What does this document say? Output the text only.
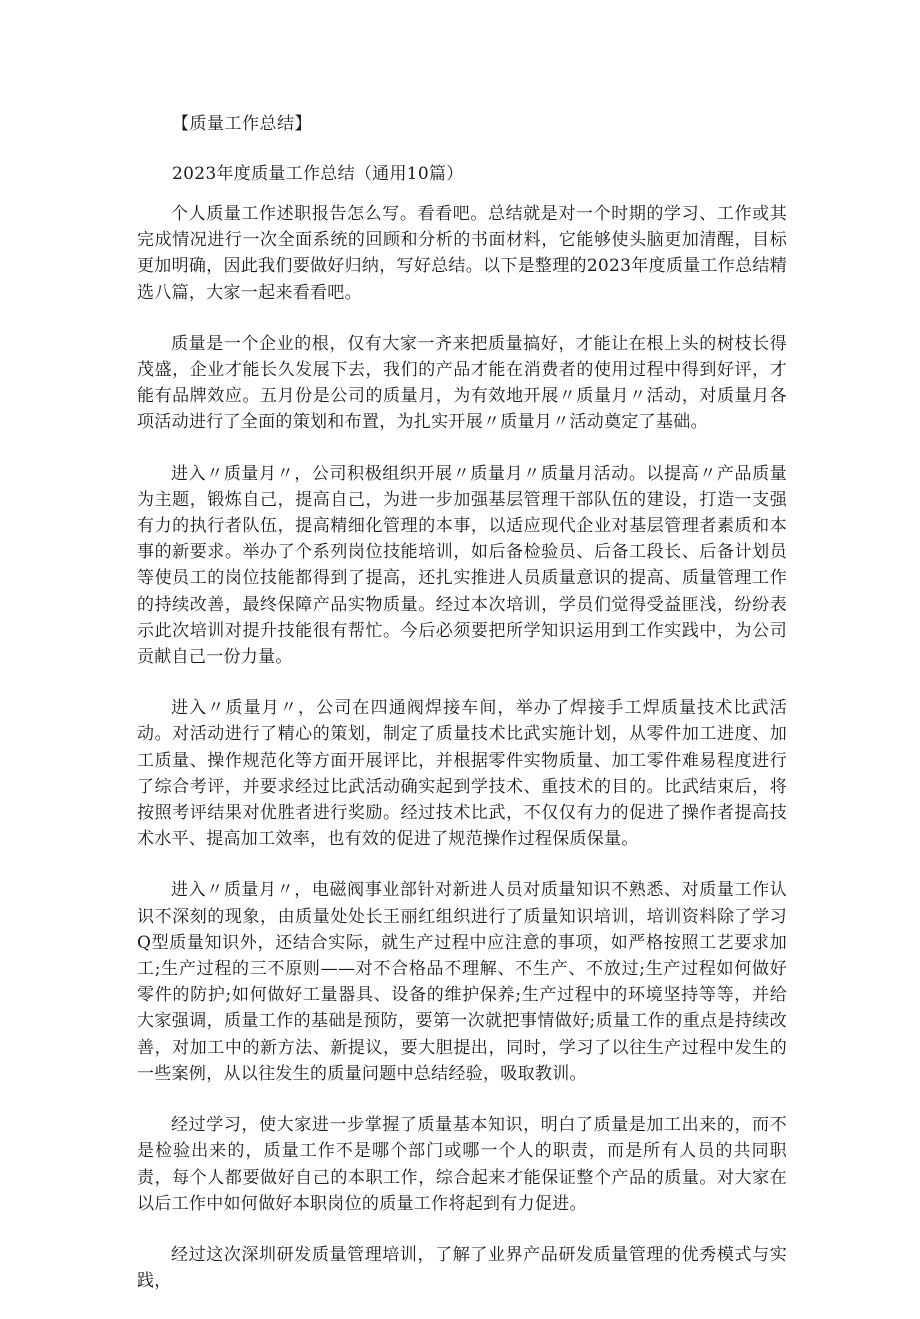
【质量工作总结】
2023年度质量工作总结（通用10篇）

个人质量工作述职报告怎么写。看看吧。总结就是对一个时期的学习、工作或其完成情况进行一次全面系统的回顾和分析的书面材料，它能够使头脑更加清醒，目标更加明确，因此我们要做好归纳，写好总结。以下是整理的2023年度质量工作总结精选八篇，大家一起来看看吧。

质量是一个企业的根，仅有大家一齐来把质量搞好，才能让在根上头的树枝长得茂盛，企业才能长久发展下去，我们的产品才能在消费者的使用过程中得到好评，才能有品牌效应。五月份是公司的质量月，为有效地开展〃质量月〃活动，对质量月各项活动进行了全面的策划和布置，为扎实开展〃质量月〃活动奠定了基础。

进入〃质量月〃，公司积极组织开展〃质量月〃质量月活动。以提高〃产品质量为主题，锻炼自己，提高自己，为进一步加强基层管理干部队伍的建设，打造一支强有力的执行者队伍，提高精细化管理的本事，以适应现代企业对基层管理者素质和本事的新要求。举办了个系列岗位技能培训，如后备检验员、后备工段长、后备计划员等使员工的岗位技能都得到了提高，还扎实推进人员质量意识的提高、质量管理工作的持续改善，最终保障产品实物质量。经过本次培训，学员们觉得受益匪浅，纷纷表示此次培训对提升技能很有帮忙。今后必须要把所学知识运用到工作实践中，为公司贡献自己一份力量。

进入〃质量月〃，公司在四通阀焊接车间，举办了焊接手工焊质量技术比武活动。对活动进行了精心的策划，制定了质量技术比武实施计划，从零件加工进度、加工质量、操作规范化等方面开展评比，并根据零件实物质量、加工零件难易程度进行了综合考评，并要求经过比武活动确实起到学技术、重技术的目的。比武结束后，将按照考评结果对优胜者进行奖励。经过技术比武，不仅仅有力的促进了操作者提高技术水平、提高加工效率，也有效的促进了规范操作过程保质保量。

进入〃质量月〃，电磁阀事业部针对新进人员对质量知识不熟悉、对质量工作认识不深刻的现象，由质量处处长王丽红组织进行了质量知识培训，培训资料除了学习Q型质量知识外，还结合实际，就生产过程中应注意的事项，如严格按照工艺要求加工;生产过程的三不原则——对不合格品不理解、不生产、不放过;生产过程如何做好零件的防护;如何做好工量器具、设备的维护保养;生产过程中的环境坚持等等，并给大家强调，质量工作的基础是预防，要第一次就把事情做好;质量工作的重点是持续改善，对加工中的新方法、新提议，要大胆提出，同时，学习了以往生产过程中发生的一些案例，从以往发生的质量问题中总结经验，吸取教训。

经过学习，使大家进一步掌握了质量基本知识，明白了质量是加工出来的，而不是检验出来的，质量工作不是哪个部门或哪一个人的职责，而是所有人员的共同职责，每个人都要做好自己的本职工作，综合起来才能保证整个产品的质量。对大家在以后工作中如何做好本职岗位的质量工作将起到有力促进。

经过这次深圳研发质量管理培训，了解了业界产品研发质量管理的优秀模式与实践，
